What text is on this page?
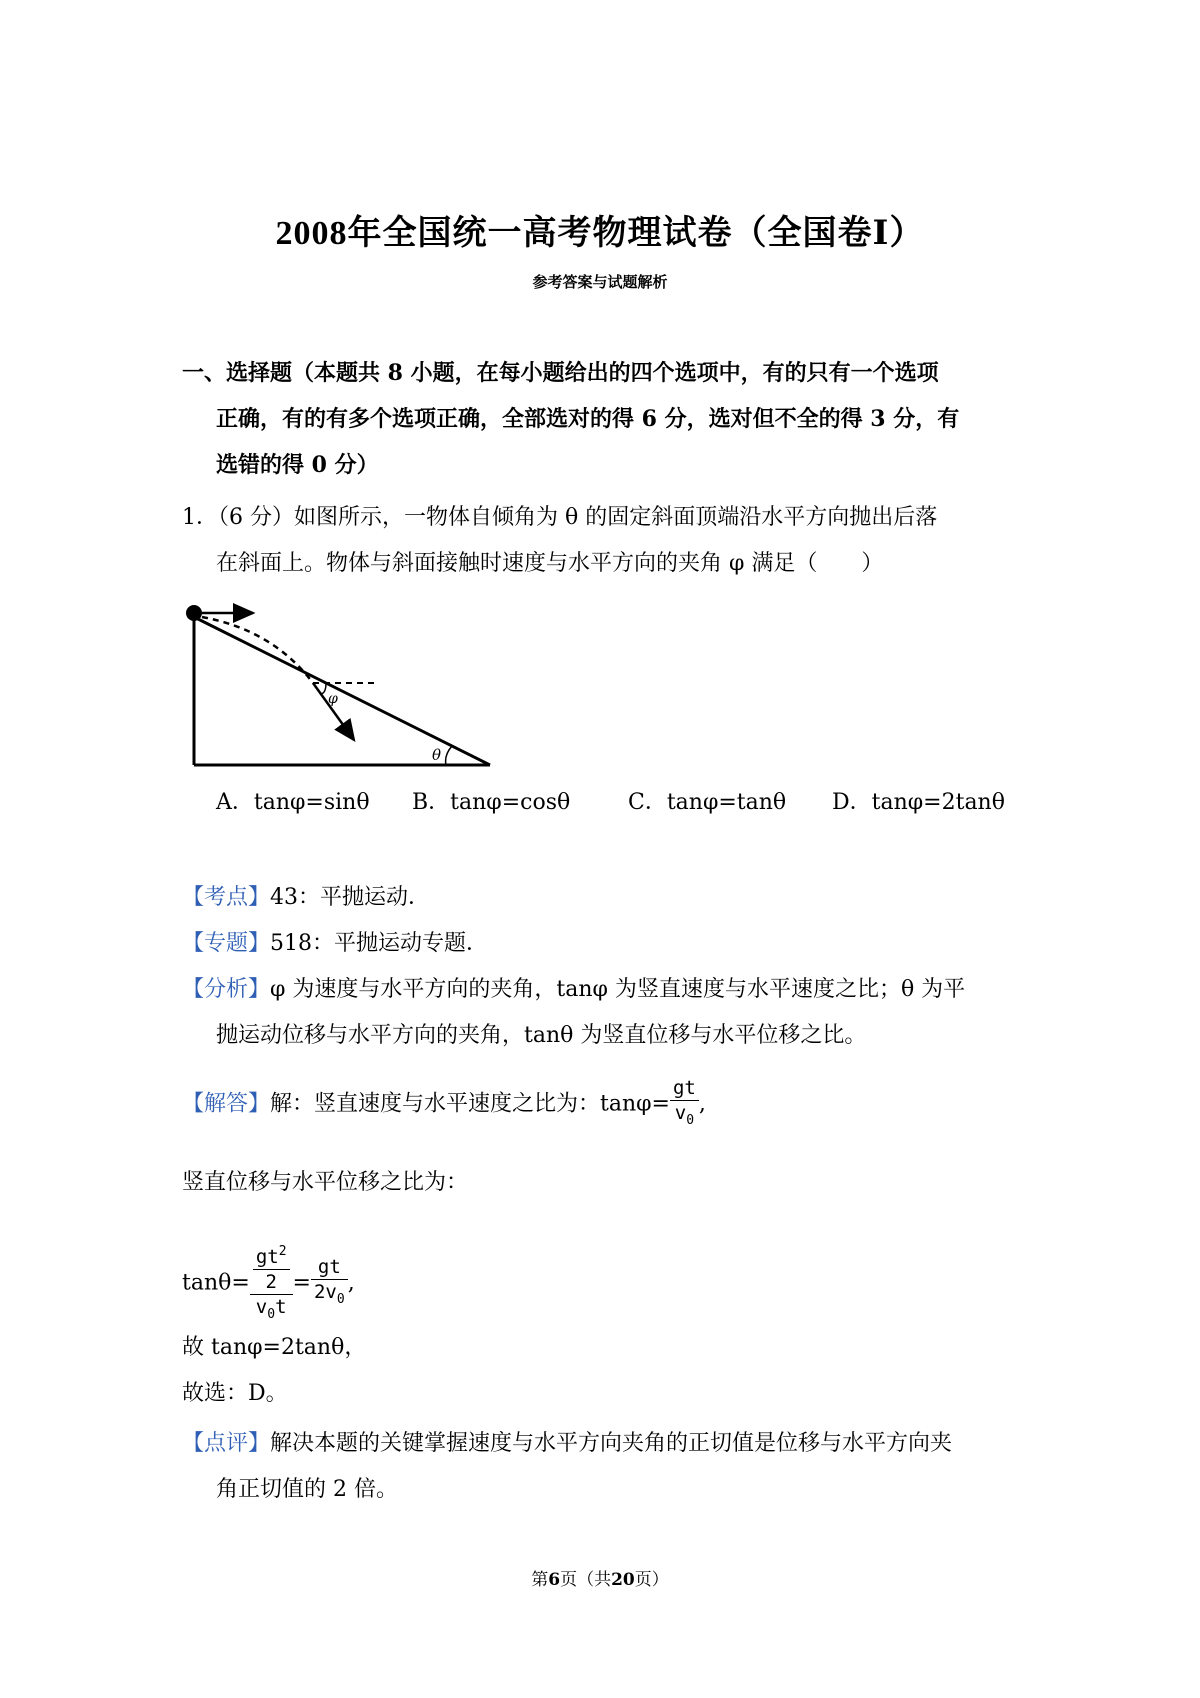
2008年全国统一高考物理试卷（全国卷Ⅰ）
参考答案与试题解析
一、选择题（本题共 8 小题，在每小题给出的四个选项中，有的只有一个选项
正确，有的有多个选项正确，全部选对的得 6 分，选对但不全的得 3 分，有
选错的得 0 分）
1．（6 分）如图所示，一物体自倾角为 θ 的固定斜面顶端沿水平方向抛出后落
在斜面上。物体与斜面接触时速度与水平方向的夹角 φ 满足（　　）
φ
θ
A．tanφ=sinθ B．tanφ=cosθ	C．tanφ=tanθ D．tanφ=2tanθ
【考点】43：平抛运动．
【专题】518：平抛运动专题．
【分析】φ 为速度与水平方向的夹角，tanφ 为竖直速度与水平速度之比；θ 为平
抛运动位移与水平方向的夹角，tanθ 为竖直位移与水平位移之比。
【解答】解：竖直速度与水平速度之比为：$\tan\varphi= \frac{gt}{v_0}$ ,
竖直位移与水平位移之比为：
$\tan\theta= \frac{\frac{gt^2}{2}}{v_0t} = \frac{gt}{2v_0}$ ,
故 tanφ=2tanθ，
故选：D。
【点评】解决本题的关键掌握速度与水平方向夹角的正切值是位移与水平方向夹
角正切值的 2 倍。
第6页（共20页）
